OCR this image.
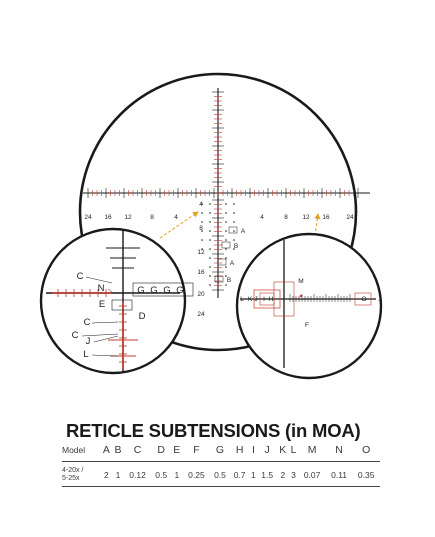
24 16 12	8	4	4	8 12 16	24
4
8
12
16
20
24
A
B
A
B
C
N	G G G G
E
D
C
J
C
L
L K J I H
M
O J
F
RETICLE SUBTENSIONS (in MOA)
Model	A	B	C	D	E	F	G	H	I	J	K	L	M	N	O
4-20x /
5-25x	2	1	0.12	0.5	1	0.25	0.5	0.7	1	1.5	2	3	0.07	0.11	0.35
